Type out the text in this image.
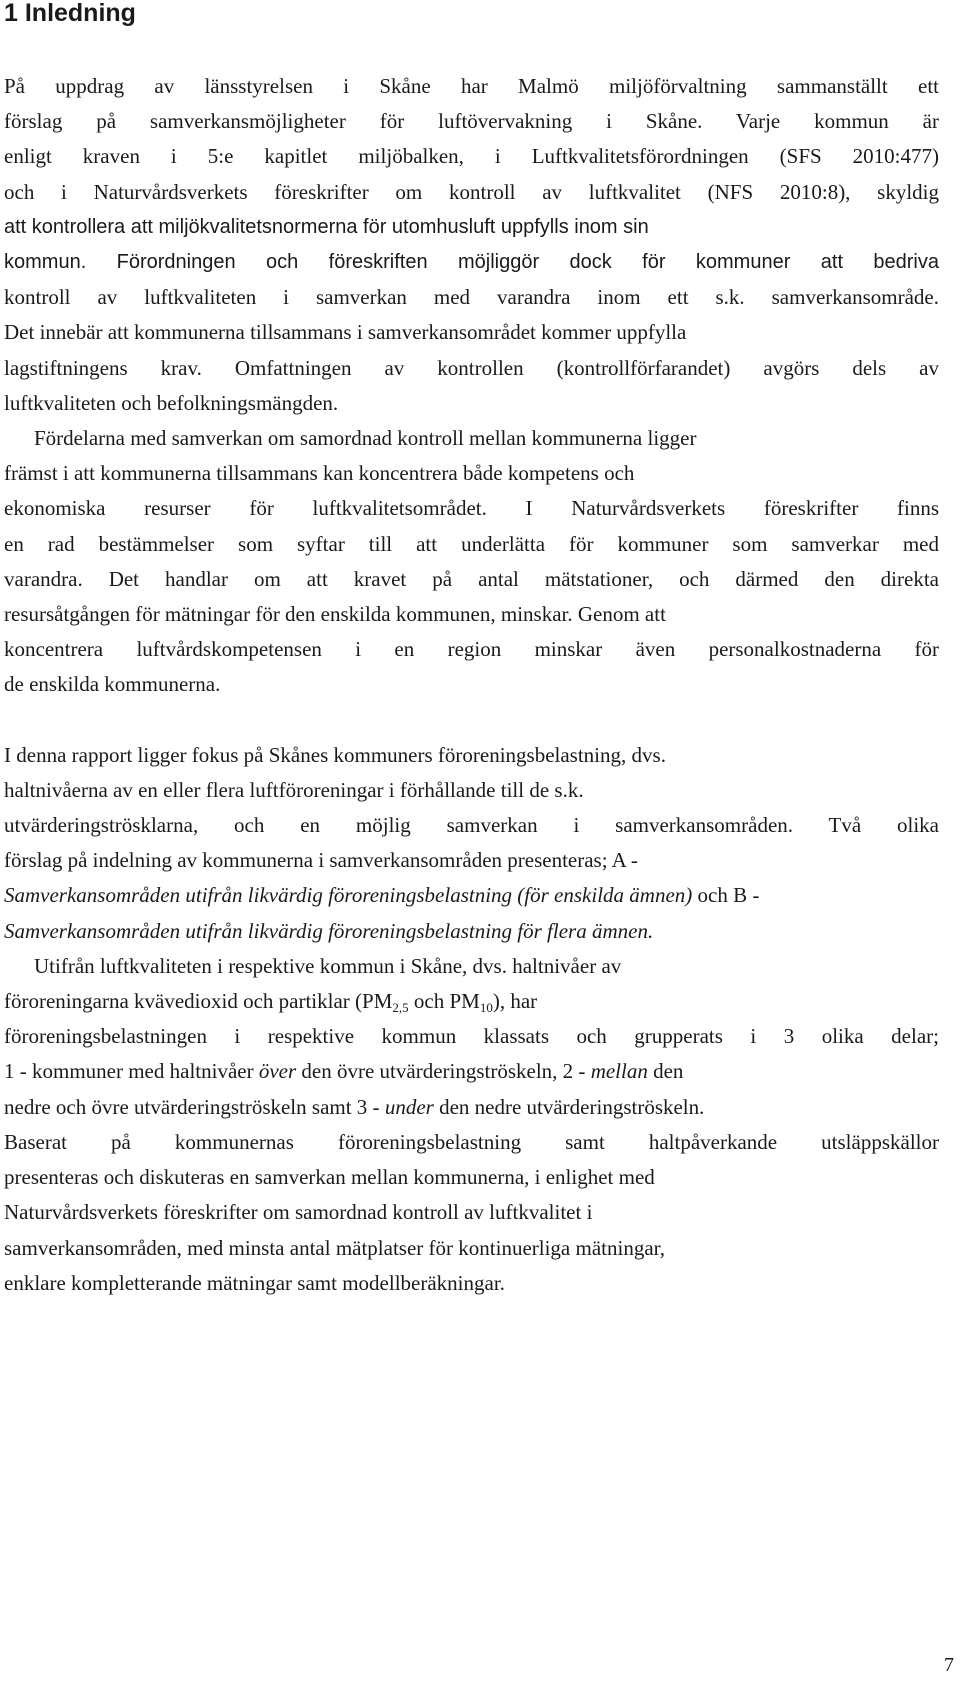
1 Inledning

På uppdrag av länsstyrelsen i Skåne har Malmö miljöförvaltning sammanställt ett
förslag på samverkansmöjligheter för luftövervakning i Skåne. Varje kommun är
enligt kraven i 5:e kapitlet miljöbalken, i Luftkvalitetsförordningen (SFS 2010:477)
och i Naturvårdsverkets föreskrifter om kontroll av luftkvalitet (NFS 2010:8), skyldig
att kontrollera att miljökvalitetsnormerna för utomhusluft uppfylls inom sin
kommun. Förordningen och föreskriften möjliggör dock för kommuner att bedriva
kontroll av luftkvaliteten i samverkan med varandra inom ett s.k. samverkansområde.
Det innebär att kommunerna tillsammans i samverkansområdet kommer uppfylla
lagstiftningens krav. Omfattningen av kontrollen (kontrollförfarandet) avgörs dels av
luftkvaliteten och befolkningsmängden.

Fördelarna med samverkan om samordnad kontroll mellan kommunerna ligger
främst i att kommunerna tillsammans kan koncentrera både kompetens och
ekonomiska resurser för luftkvalitetsområdet. I Naturvårdsverkets föreskrifter finns
en rad bestämmelser som syftar till att underlätta för kommuner som samverkar med
varandra. Det handlar om att kravet på antal mätstationer, och därmed den direkta
resursåtgången för mätningar för den enskilda kommunen, minskar. Genom att
koncentrera luftvårdskompetensen i en region minskar även personalkostnaderna för
de enskilda kommunerna.

I denna rapport ligger fokus på Skånes kommuners föroreningsbelastning, dvs.
haltnivåerna av en eller flera luftföroreningar i förhållande till de s.k.
utvärderingströsklarna, och en möjlig samverkan i samverkansområden. Två olika
förslag på indelning av kommunerna i samverkansområden presenteras; A -
Samverkansområden utifrån likvärdig föroreningsbelastning (för enskilda ämnen) och B -
Samverkansområden utifrån likvärdig föroreningsbelastning för flera ämnen.

Utifrån luftkvaliteten i respektive kommun i Skåne, dvs. haltnivåer av
föroreningarna kvävedioxid och partiklar ($PM_{2,5}$ och $PM_{10}$), har
föroreningsbelastningen i respektive kommun klassats och grupperats i 3 olika delar;
1 - kommuner med haltnivåer över den övre utvärderingströskeln, 2 - mellan den
nedre och övre utvärderingströskeln samt 3 - under den nedre utvärderingströskeln.
Baserat på kommunernas föroreningsbelastning samt haltpåverkande utsläppskällor
presenteras och diskuteras en samverkan mellan kommunerna, i enlighet med
Naturvårdsverkets föreskrifter om samordnad kontroll av luftkvalitet i
samverkansområden, med minsta antal mätplatser för kontinuerliga mätningar,
enklare kompletterande mätningar samt modellberäkningar.

7
